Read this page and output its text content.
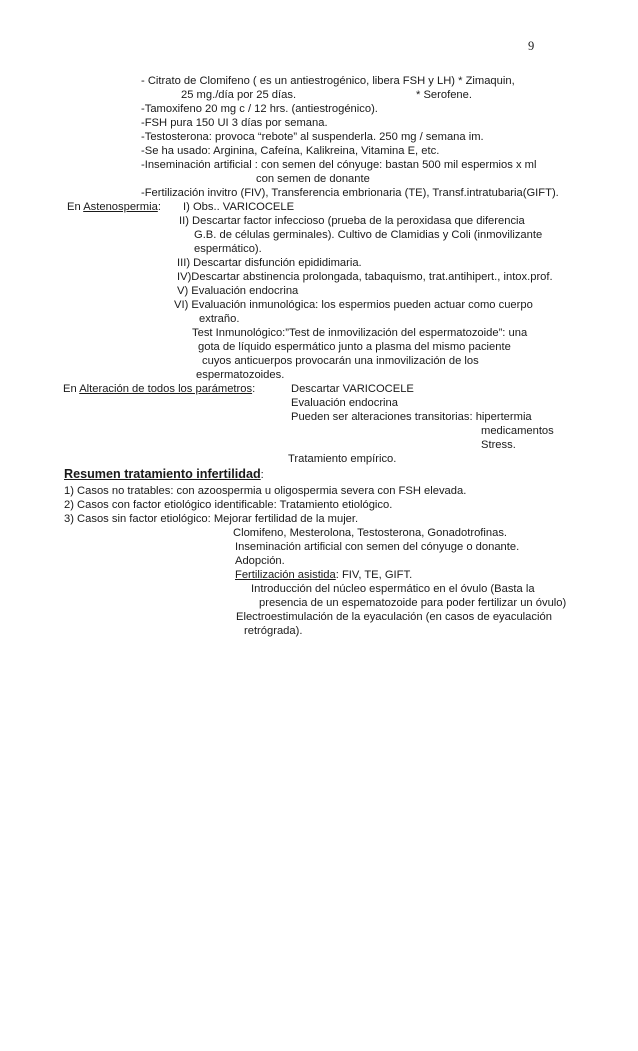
9
- Citrato de Clomifeno ( es un antiestrogénico, libera FSH y LH) * Zimaquin,
25 mg./día por 25 días.	* Serofene.
-Tamoxifeno 20 mg c / 12 hrs. (antiestrogénico).
-FSH pura 150 UI 3 días por semana.
-Testosterona: provoca “rebote” al suspenderla. 250 mg / semana im.
-Se ha usado: Arginina, Cafeína, Kalikreina, Vitamina E, etc.
-Inseminación artificial : con semen del cónyuge: bastan 500 mil espermios x ml
con semen de donante
-Fertilización invitro (FIV), Transferencia embrionaria (TE), Transf.intratubaria(GIFT).
En Astenospermia: I) Obs.. VARICOCELE
II) Descartar factor infeccioso (prueba de la peroxidasa que diferencia
G.B. de células germinales). Cultivo de Clamidias y Coli (inmovilizante
espermático).
III) Descartar disfunción epididimaria.
IV)Descartar abstinencia prolongada, tabaquismo, trat.antihipert., intox.prof.
V) Evaluación endocrina
VI) Evaluación inmunológica: los espermios pueden actuar como cuerpo
extraño.
Test Inmunológico:”Test de inmovilización del espermatozoide”: una
gota de líquido espermático junto a plasma del mismo paciente
cuyos anticuerpos provocarán una inmovilización de los
espermatozoides.
En Alteración de todos los parámetros:	Descartar VARICOCELE
Evaluación endocrina
Pueden ser alteraciones transitorias: hipertermia
medicamentos
Stress.
Tratamiento empírico.
Resumen tratamiento infertilidad:
1) Casos no tratables: con azoospermia u oligospermia severa con FSH elevada.
2) Casos con factor etiológico identificable: Tratamiento etiológico.
3) Casos sin factor etiológico: Mejorar fertilidad de la mujer.
Clomifeno, Mesterolona, Testosterona, Gonadotrofinas.
Inseminación artificial con semen del cónyuge o donante.
Adopción.
Fertilización asistida: FIV, TE, GIFT.
Introducción del núcleo espermático en el óvulo (Basta la
presencia de un espematozoide para poder fertilizar un óvulo)
Electroestimulación de la eyaculación (en casos de eyaculación
retrógrada).
